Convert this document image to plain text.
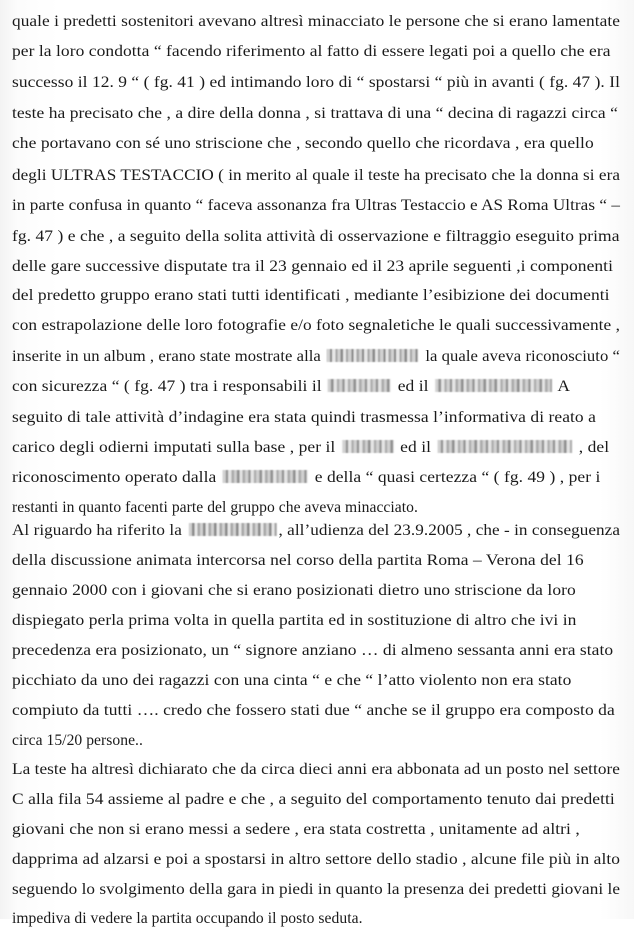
quale i predetti sostenitori avevano altresì minacciato le persone che si erano lamentate
per la loro condotta “ facendo riferimento al fatto di essere legati poi a quello che era
successo il 12. 9 “ ( fg. 41 ) ed intimando loro di “ spostarsi “ più in avanti ( fg. 47 ). Il
teste ha precisato che , a dire della donna , si trattava di una “ decina di ragazzi circa “
che portavano con sé uno striscione che , secondo quello che ricordava , era quello
degli ULTRAS TESTACCIO ( in merito al quale il teste ha precisato che la donna si era
in parte confusa in quanto “ faceva assonanza fra Ultras Testaccio e AS Roma Ultras “ –
fg. 47 ) e che , a seguito della solita attività di osservazione e filtraggio eseguito prima
delle gare successive disputate tra il 23 gennaio ed il 23 aprile seguenti ,i componenti
del predetto gruppo erano stati tutti identificati , mediante l’esibizione dei documenti
con estrapolazione delle loro fotografie e/o foto segnaletiche le quali successivamente ,
inserite in un album , erano state mostrate alla	la quale aveva riconosciuto “
con sicurezza “ ( fg. 47 ) tra i responsabili il	ed il	A
seguito di tale attività d’indagine era stata quindi trasmessa l’informativa di reato a
carico degli odierni imputati sulla base , per il	ed il	, del
riconoscimento operato dalla	e della “ quasi certezza “ ( fg. 49 ) , per i
restanti in quanto facenti parte del gruppo che aveva minacciato.
Al riguardo ha riferito la	, all’udienza del 23.9.2005 , che - in conseguenza
della discussione animata intercorsa nel corso della partita Roma – Verona del 16
gennaio 2000 con i giovani che si erano posizionati dietro uno striscione da loro
dispiegato perla prima volta in quella partita ed in sostituzione di altro che ivi in
precedenza era posizionato, un “ signore anziano … di almeno sessanta anni era stato
picchiato da uno dei ragazzi con una cinta “ e che “ l’atto violento non era stato
compiuto da tutti …. credo che fossero stati due “ anche se il gruppo era composto da
circa 15/20 persone..
La teste ha altresì dichiarato che da circa dieci anni era abbonata ad un posto nel settore
C alla fila 54 assieme al padre e che , a seguito del comportamento tenuto dai predetti
giovani che non si erano messi a sedere , era stata costretta , unitamente ad altri ,
dapprima ad alzarsi e poi a spostarsi in altro settore dello stadio , alcune file più in alto
seguendo lo svolgimento della gara in piedi in quanto la presenza dei predetti giovani le
impediva di vedere la partita occupando il posto seduta.
